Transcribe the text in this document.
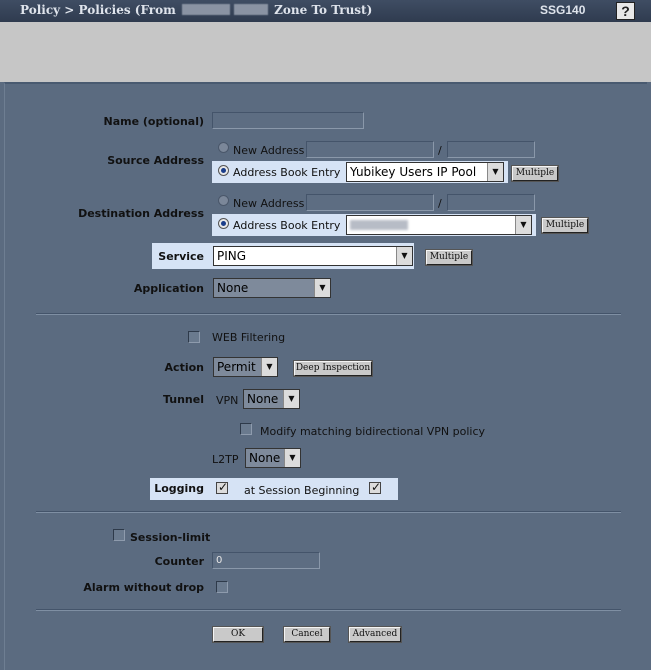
Policy > Policies (From	Zone To Trust)	SSG140	?
Name (optional)
Source Address
New Address	/
Address Book Entry Yubikey Users IP Pool	▼	Multiple
Destination Address
New Address	/
Address Book Entry	▼	Multiple
Service	PING	▼	Multiple
Application	None	▼
WEB Filtering
Action	Permit	▼	Deep Inspection
Tunnel VPN None	▼
Modify matching bidirectional VPN policy
L2TP None	▼
Logging
✓	at Session Beginning
✓
Session-limit
Counter	0
Alarm without drop
OK	Cancel	Advanced
